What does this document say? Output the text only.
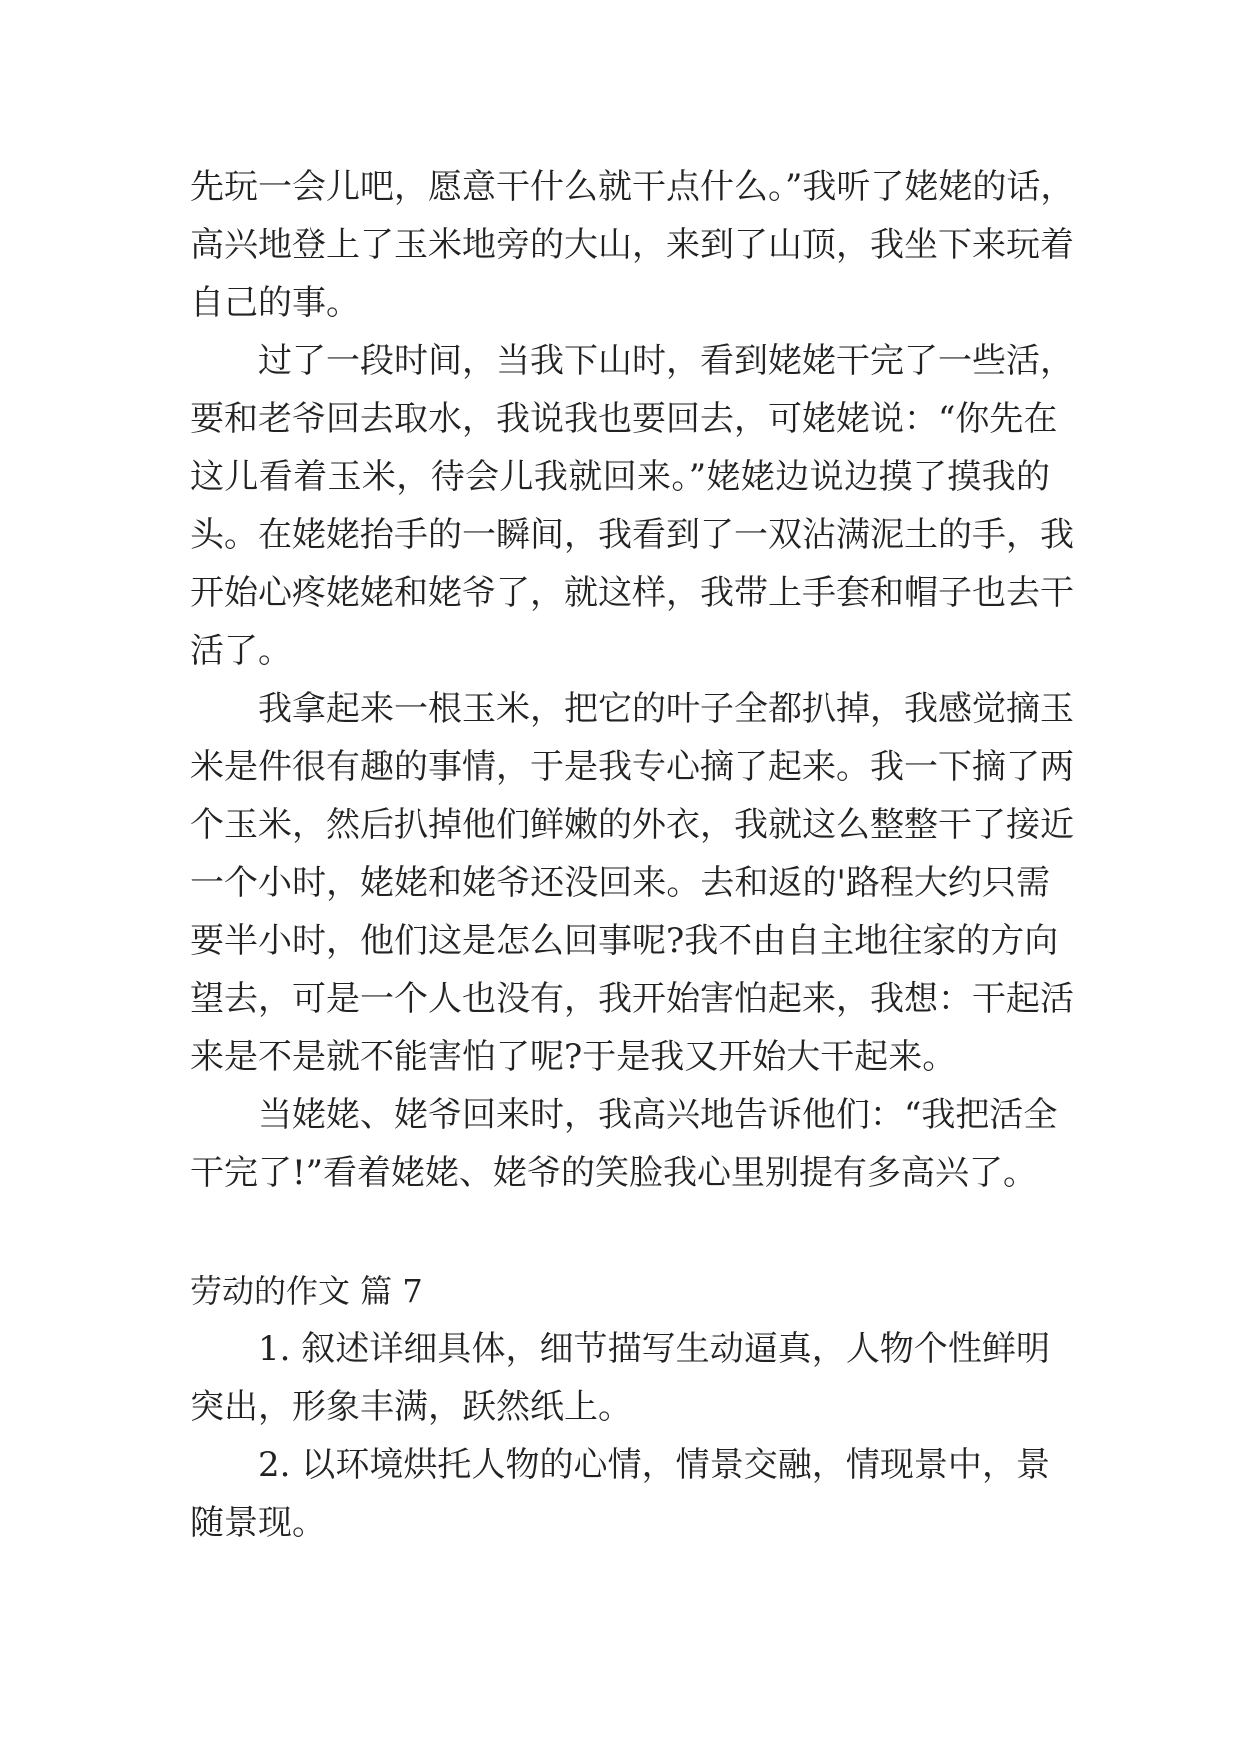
先玩一会儿吧，愿意干什么就干点什么。”我听了姥姥的话，
高兴地登上了玉米地旁的大山，来到了山顶，我坐下来玩着
自己的事。
过了一段时间，当我下山时，看到姥姥干完了一些活，
要和老爷回去取水，我说我也要回去，可姥姥说：“你先在
这儿看着玉米，待会儿我就回来。”姥姥边说边摸了摸我的
头。在姥姥抬手的一瞬间，我看到了一双沾满泥土的手，我
开始心疼姥姥和姥爷了，就这样，我带上手套和帽子也去干
活了。
我拿起来一根玉米，把它的叶子全都扒掉，我感觉摘玉
米是件很有趣的事情，于是我专心摘了起来。我一下摘了两
个玉米，然后扒掉他们鲜嫩的外衣，我就这么整整干了接近
一个小时，姥姥和姥爷还没回来。去和返的'路程大约只需
要半小时，他们这是怎么回事呢?我不由自主地往家的方向
望去，可是一个人也没有，我开始害怕起来，我想：干起活
来是不是就不能害怕了呢?于是我又开始大干起来。
当姥姥、姥爷回来时，我高兴地告诉他们：“我把活全
干完了!”看着姥姥、姥爷的笑脸我心里别提有多高兴了。
劳动的作文 篇 7
1. 叙述详细具体，细节描写生动逼真，人物个性鲜明
突出，形象丰满，跃然纸上。
2. 以环境烘托人物的心情，情景交融，情现景中，景
随景现。
